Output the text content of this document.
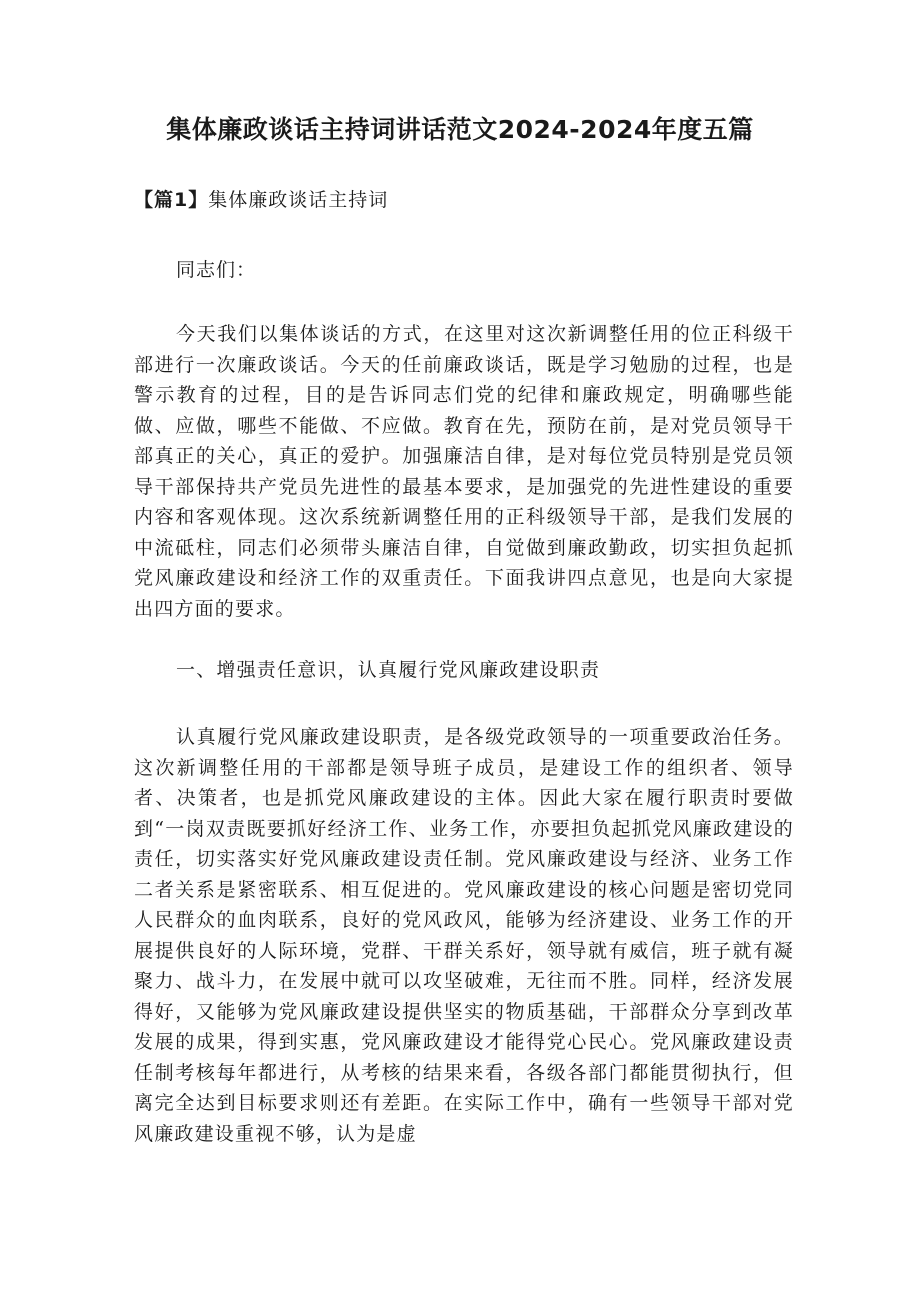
集体廉政谈话主持词讲话范文2024-2024年度五篇
【篇1】集体廉政谈话主持词
同志们：

今天我们以集体谈话的方式，在这里对这次新调整任用的位正科级干部进行一次廉政谈话。今天的任前廉政谈话，既是学习勉励的过程，也是警示教育的过程，目的是告诉同志们党的纪律和廉政规定，明确哪些能做、应做，哪些不能做、不应做。教育在先，预防在前，是对党员领导干部真正的关心，真正的爱护。加强廉洁自律，是对每位党员特别是党员领导干部保持共产党员先进性的最基本要求，是加强党的先进性建设的重要内容和客观体现。这次系统新调整任用的正科级领导干部，是我们发展的中流砥柱，同志们必须带头廉洁自律，自觉做到廉政勤政，切实担负起抓党风廉政建设和经济工作的双重责任。下面我讲四点意见，也是向大家提出四方面的要求。

一、增强责任意识，认真履行党风廉政建设职责

认真履行党风廉政建设职责，是各级党政领导的一项重要政治任务。这次新调整任用的干部都是领导班子成员，是建设工作的组织者、领导者、决策者，也是抓党风廉政建设的主体。因此大家在履行职责时要做到“一岗双责既要抓好经济工作、业务工作，亦要担负起抓党风廉政建设的责任，切实落实好党风廉政建设责任制。党风廉政建设与经济、业务工作二者关系是紧密联系、相互促进的。党风廉政建设的核心问题是密切党同人民群众的血肉联系，良好的党风政风，能够为经济建设、业务工作的开展提供良好的人际环境，党群、干群关系好，领导就有威信，班子就有凝聚力、战斗力，在发展中就可以攻坚破难，无往而不胜。同样，经济发展得好，又能够为党风廉政建设提供坚实的物质基础，干部群众分享到改革发展的成果，得到实惠，党风廉政建设才能得党心民心。党风廉政建设责任制考核每年都进行，从考核的结果来看，各级各部门都能贯彻执行，但离完全达到目标要求则还有差距。在实际工作中，确有一些领导干部对党风廉政建设重视不够，认为是虚
